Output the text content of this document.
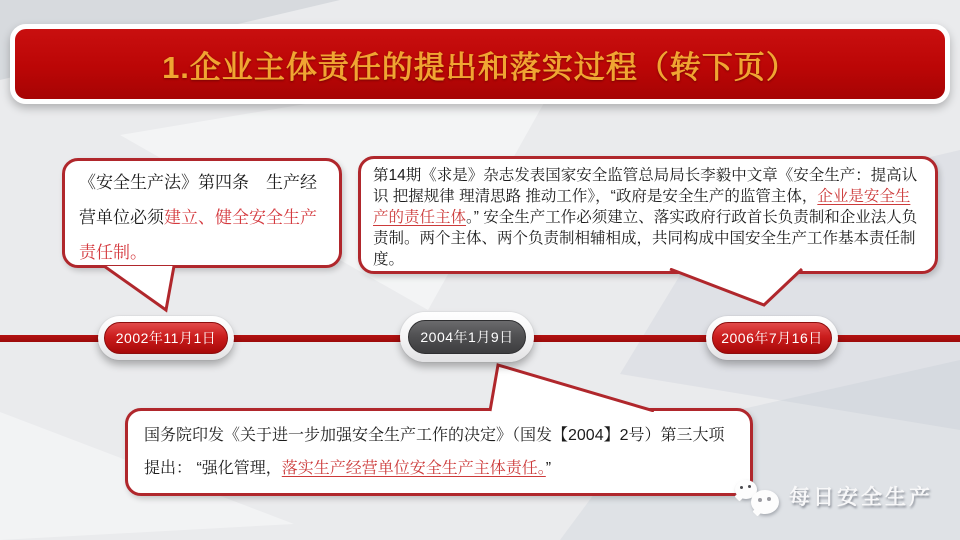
1.企业主体责任的提出和落实过程（转下页）
《安全生产法》第四条　生产经营单位必须建立、健全安全生产责任制。
第14期《求是》杂志发表国家安全监管总局局长李毅中文章《安全生产：提高认识 把握规律 理清思路 推动工作》，“政府是安全生产的监管主体，企业是安全生产的责任主体。” 安全生产工作必须建立、落实政府行政首长负责制和企业法人负责制。两个主体、两个负责制相辅相成，共同构成中国安全生产工作基本责任制度。
国务院印发《关于进一步加强安全生产工作的决定》（国发【2004】2号）第三大项提出： “强化管理，落实生产经营单位安全生产主体责任。”
2002年11月1日	2004年1月9日	2006年7月16日
每日安全生产
